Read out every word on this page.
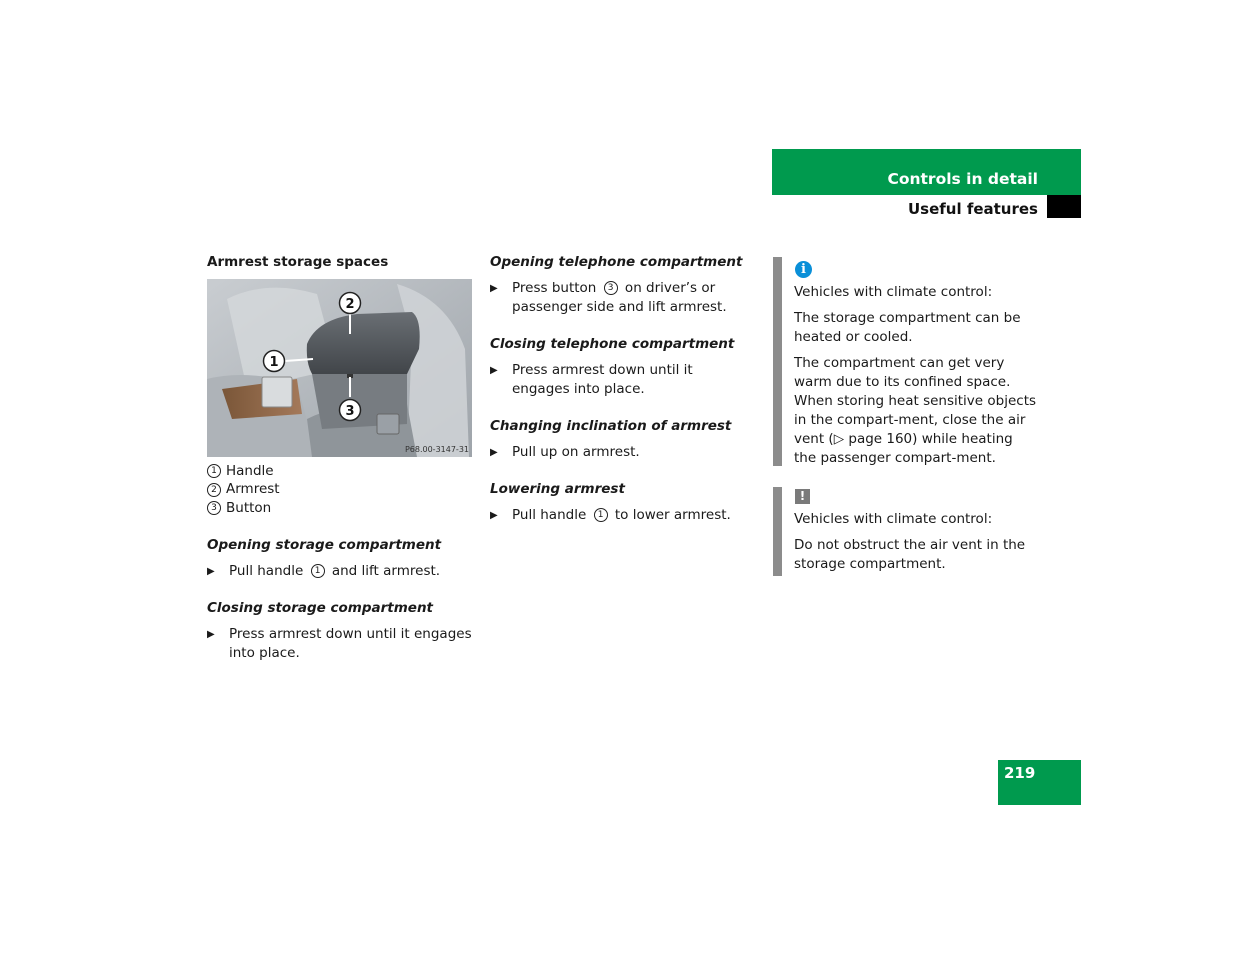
Controls in detail
Useful features
Armrest storage spaces
2
1
3
P68.00-3147-31
1 Handle
2 Armrest
3 Button
Opening storage compartment
▶ Pull handle 1 and lift armrest.
Closing storage compartment
▶ Press armrest down until it engages into place.
Opening telephone compartment
▶ Press button 3 on driver’s or passenger side and lift armrest.
Closing telephone compartment
▶ Press armrest down until it engages into place.
Changing inclination of armrest
▶ Pull up on armrest.
Lowering armrest
▶ Pull handle 1 to lower armrest.
i

Vehicles with climate control:

The storage compartment can be heated or cooled.

The compartment can get very warm due to its confined space. When storing heat sensitive objects in the compart-ment, close the air vent (▷ page 160) while heating the passenger compart-ment.

!

Vehicles with climate control:

Do not obstruct the air vent in the storage compartment.

219
